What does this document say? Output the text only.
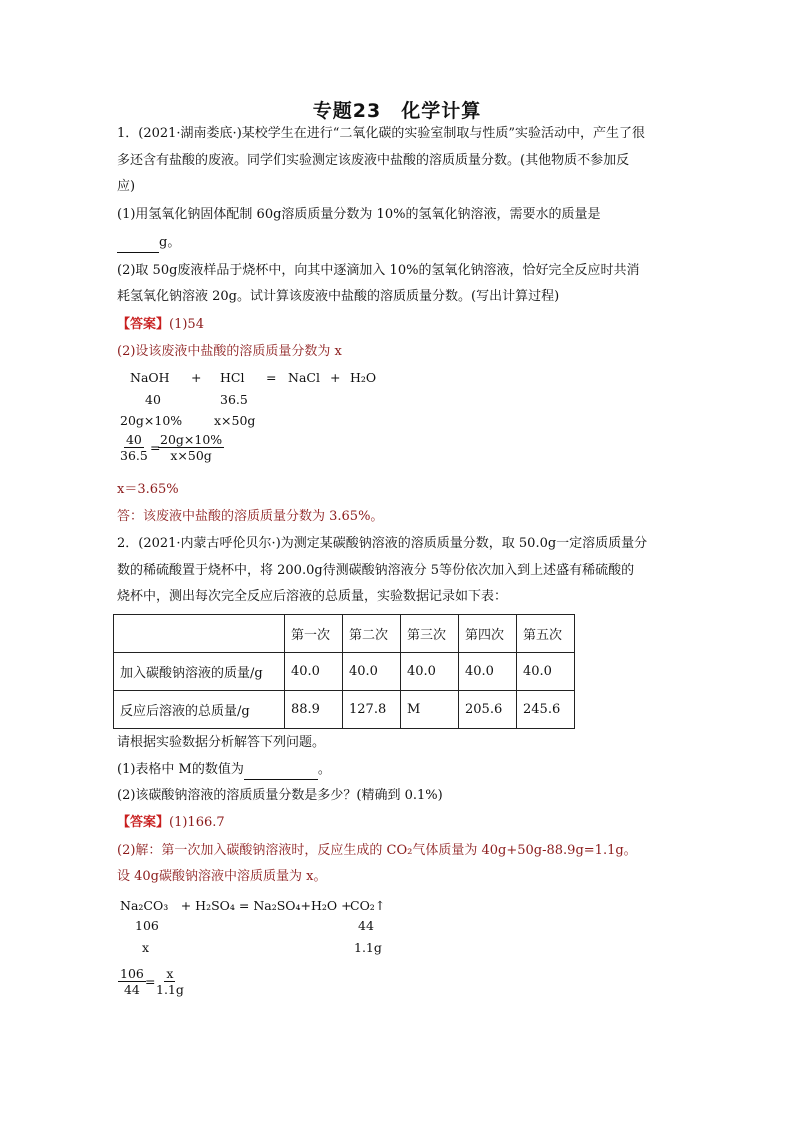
专题23　化学计算
1．(2021·湖南娄底·)某校学生在进行“二氧化碳的实验室制取与性质”实验活动中，产生了很
多还含有盐酸的废液。同学们实验测定该废液中盐酸的溶质质量分数。(其他物质不参加反
应)
(1)用氢氧化钠固体配制 60g溶质质量分数为 10%的氢氧化钠溶液，需要水的质量是
g。
(2)取 50g废液样品于烧杯中，向其中逐滴加入 10%的氢氧化钠溶液，恰好完全反应时共消
耗氢氧化钠溶液 20g。试计算该废液中盐酸的溶质质量分数。(写出计算过程)
【答案】(1)54
(2)设该废液中盐酸的溶质质量分数为 x
NaOH + HCl = NaCl + H₂O
40	36.5
20g×10%	x×50g
$\frac{40}{36.5}$ =
$\frac{20g\times 10\%}{x\times 50g}$
x＝3.65%
答：该废液中盐酸的溶质质量分数为 3.65%。
2．(2021·内蒙古呼伦贝尔·)为测定某碳酸钠溶液的溶质质量分数，取 50.0g一定溶质质量分
数的稀硫酸置于烧杯中，将 200.0g待测碳酸钠溶液分 5等份依次加入到上述盛有稀硫酸的
烧杯中，测出每次完全反应后溶液的总质量，实验数据记录如下表：
	第一次	第二次	第三次	第四次	第五次
加入碳酸钠溶液的质量/g	40.0	40.0	40.0	40.0	40.0
反应后溶液的总质量/g	88.9	127.8	M	205.6	245.6
请根据实验数据分析解答下列问题。
(1)表格中 M的数值为	。
(2)该碳酸钠溶液的溶质质量分数是多少？(精确到 0.1%)
【答案】(1)166.7
(2)解：第一次加入碳酸钠溶液时，反应生成的 CO₂气体质量为 40g+50g-88.9g=1.1g。
设 40g碳酸钠溶液中溶质质量为 x。
Na₂CO₃　+ H₂SO₄ = Na₂SO₄+H₂O +
CO₂↑
106	44
x	1.1g
$\frac{106}{44}$ =
$\frac{x}{1.1g}$
